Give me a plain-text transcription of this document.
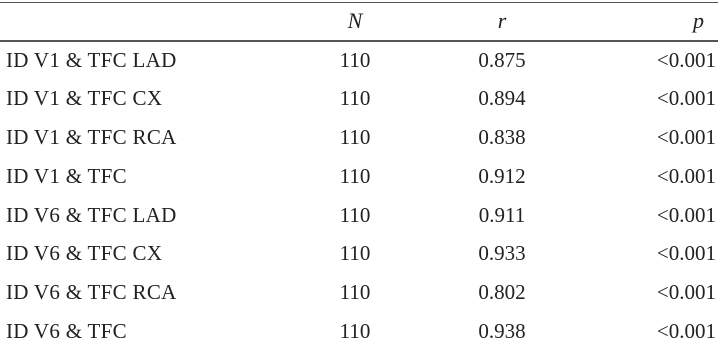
	N	r	p
ID V1 & TFC LAD	110	0.875	<0.001
ID V1 & TFC CX	110	0.894	<0.001
ID V1 & TFC RCA	110	0.838	<0.001
ID V1 & TFC	110	0.912	<0.001
ID V6 & TFC LAD	110	0.911	<0.001
ID V6 & TFC CX	110	0.933	<0.001
ID V6 & TFC RCA	110	0.802	<0.001
ID V6 & TFC	110	0.938	<0.001
